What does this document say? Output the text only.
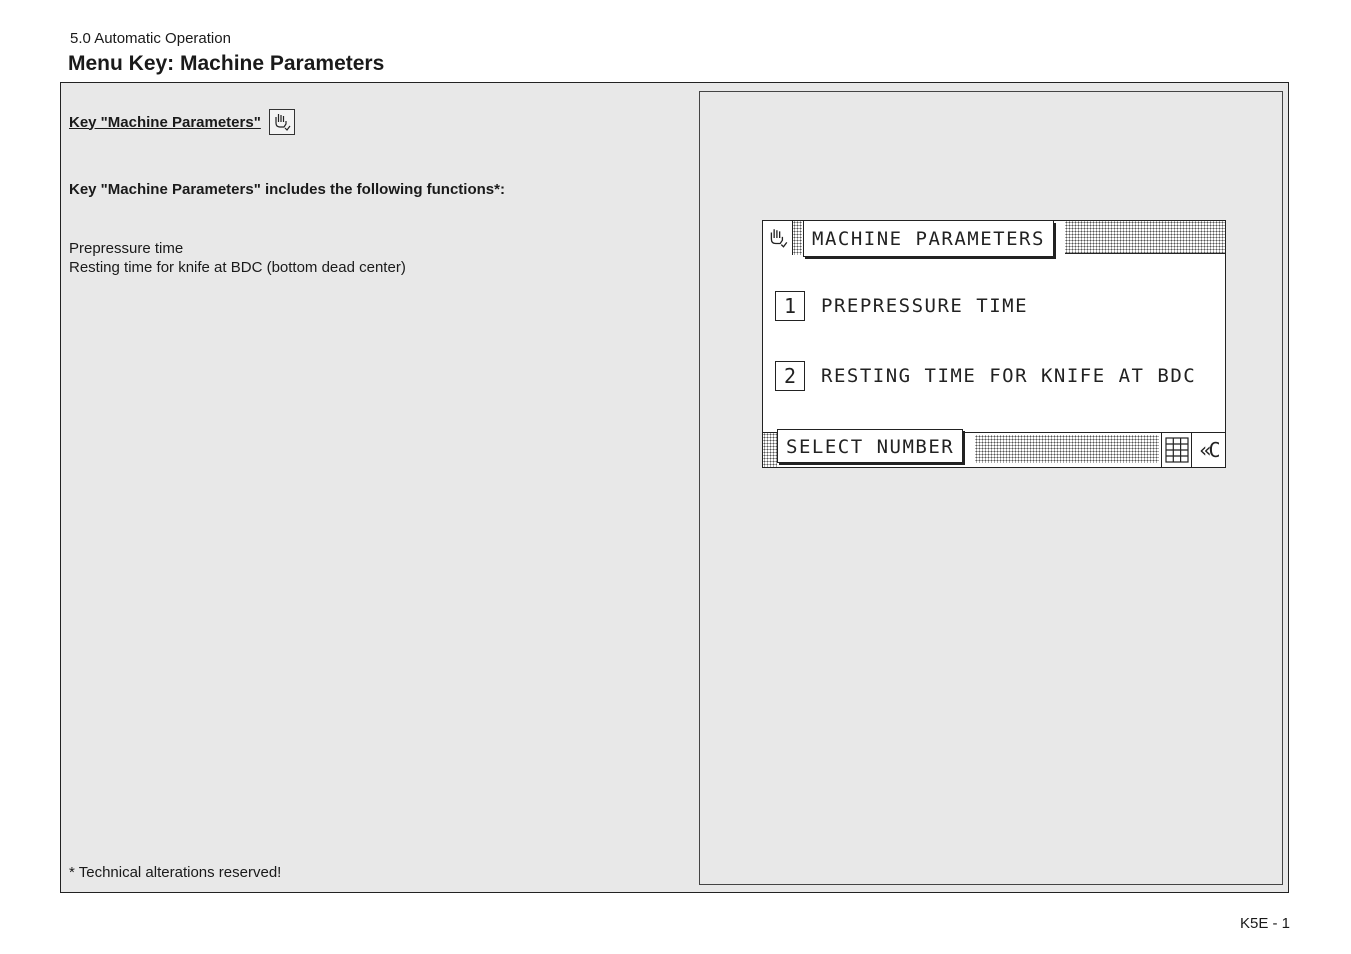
5.0 Automatic Operation
Menu Key: Machine Parameters
Key "Machine Parameters"
Key "Machine Parameters" includes the following functions*:
Prepressure time
Resting time for knife at BDC (bottom dead center)
* Technical alterations reserved!
MACHINE PARAMETERS
1	PREPRESSURE TIME
2	RESTING TIME FOR KNIFE AT BDC
SELECT NUMBER	«C
K5E - 1
